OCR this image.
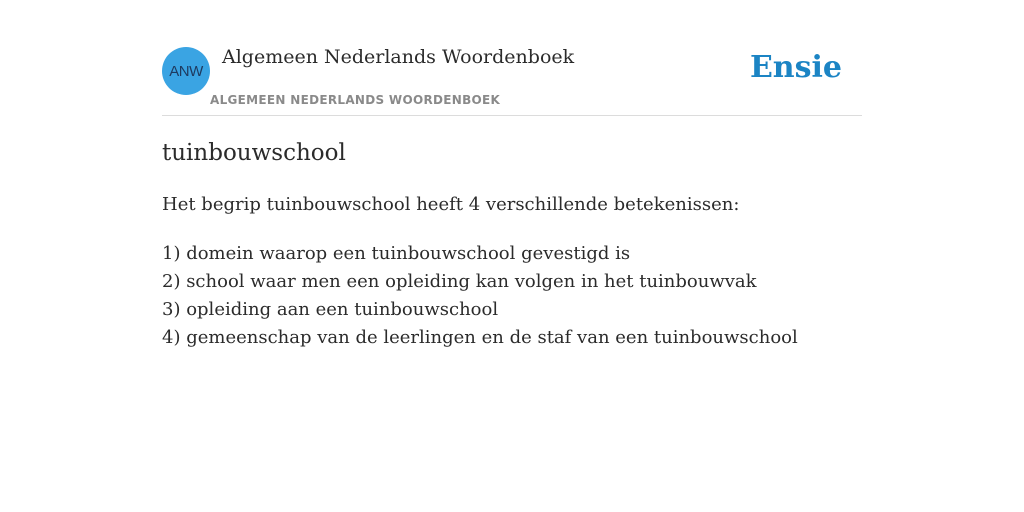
ANW
Algemeen Nederlands Woordenboek
ALGEMEEN NEDERLANDS WOORDENBOEK
Ensie
tuinbouwschool
Het begrip tuinbouwschool heeft 4 verschillende betekenissen:
1) domein waarop een tuinbouwschool gevestigd is
2) school waar men een opleiding kan volgen in het tuinbouwvak
3) opleiding aan een tuinbouwschool
4) gemeenschap van de leerlingen en de staf van een tuinbouwschool
